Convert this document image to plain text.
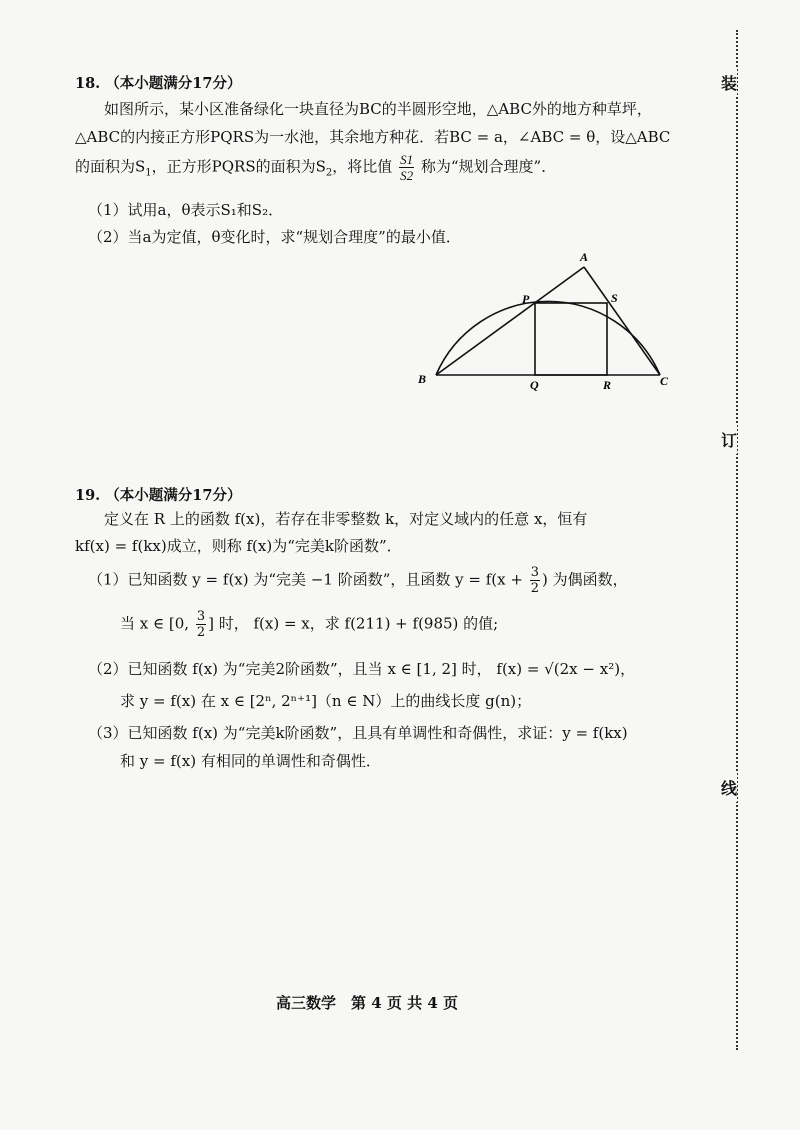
装
订
线
18. （本小题满分17分）
如图所示，某小区准备绿化一块直径为BC的半圆形空地，△ABC外的地方种草坪，
△ABC的内接正方形PQRS为一水池，其余地方种花．若BC = a，∠ABC = θ，设△ABC
的面积为$S_1$，正方形PQRS的面积为$S_2$，将比值 $\frac{S1}{S2}$ 称为“规划合理度”．
（1）试用a，θ表示S₁和S₂．
（2）当a为定值，θ变化时，求“规划合理度”的最小值．
A
B	C
P
Q	R
S
19. （本小题满分17分）
定义在 R 上的函数 f(x)，若存在非零整数 k，对定义域内的任意 x，恒有
kf(x) = f(kx)成立，则称 f(x)为“完美k阶函数”．
（1）已知函数 y = f(x) 为“完美 −1 阶函数”，且函数 $y = f(x + \frac{3}{2}$ ) 为偶函数，
当 x ∈ [0, $\frac{3}{2}$ ] 时， f(x) = x，求 f(211) + f(985) 的值;
（2）已知函数 f(x) 为“完美2阶函数”，且当 x ∈ [1, 2] 时， f(x) = √(2x − x²)，
求 y = f(x) 在 x ∈ [2ⁿ, 2ⁿ⁺¹]（n ∈ N）上的曲线长度 g(n)；
（3）已知函数 f(x) 为“完美k阶函数”，且具有单调性和奇偶性，求证：y = f(kx)
和 y = f(x) 有相同的单调性和奇偶性．
高三数学　第 4 页 共 4 页
